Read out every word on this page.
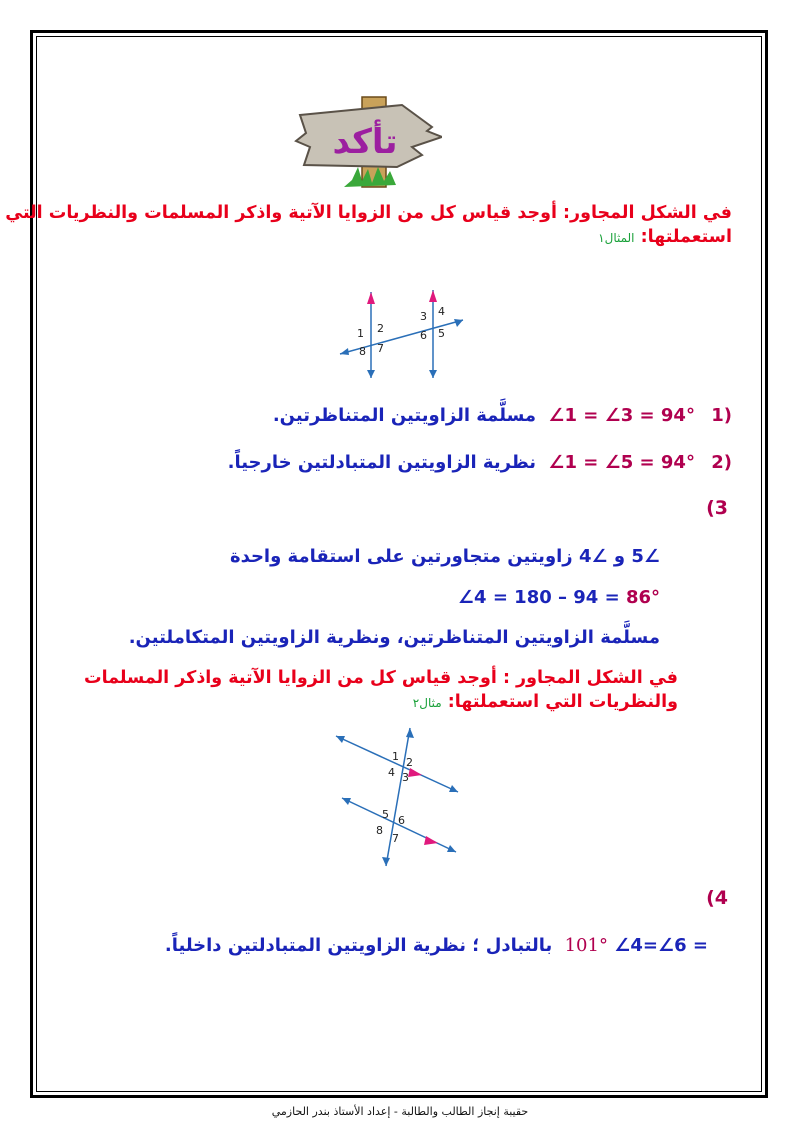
تأكد
في الشكل المجاور: أوجد قياس كل من الزوايا الآتية واذكر المسلمات والنظريات التي
استعملتها: المثال١
1 2
8 7
3 4
6 5
مسلَّمة الزاويتين المتناظرتين. ∠1 = ∠3 = 94° 1)
نظرية الزاويتين المتبادلتين خارجياً. ∠1 = ∠5 = 94° 2)
(3
∠5 و ∠4 زاويتين متجاورتين على استقامة واحدة
∠4 = 180 – 94 = 86°
مسلَّمة الزاويتين المتناظرتين، ونظرية الزاويتين المتكاملتين.
في الشكل المجاور : أوجد قياس كل من الزوايا الآتية واذكر المسلمات
والنظريات التي استعملتها: مثال٢
1 2
4 3
5 6
8
7
(4
بالتبادل ؛ نظرية الزاويتين المتبادلتين داخلياً. 101° ∠4=∠6 =
حقيبة إنجاز الطالب والطالبة - إعداد الأستاذ بندر الحازمي
